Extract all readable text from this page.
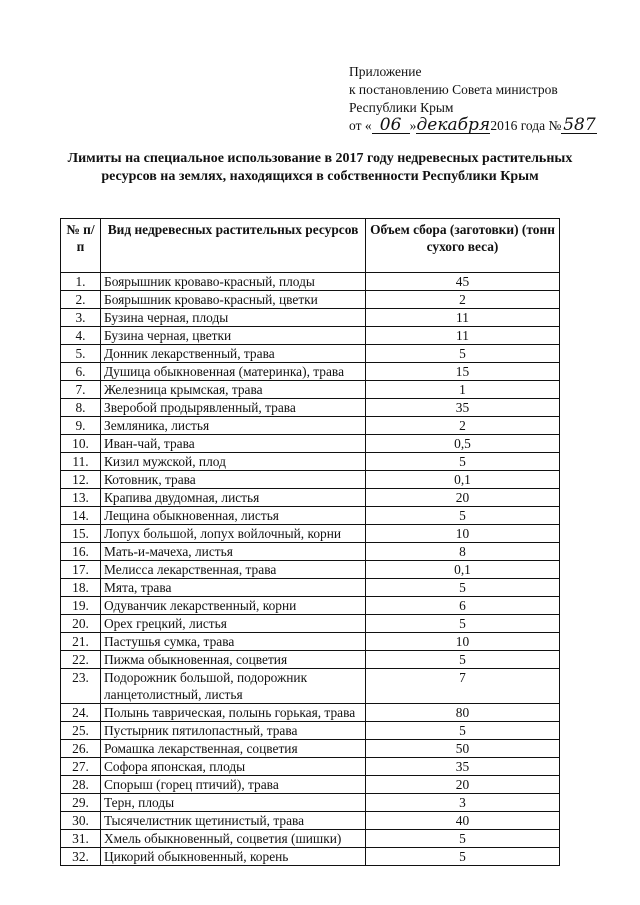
Приложение
к постановлению Совета министров
Республики Крым
от « 06 »декабря2016 года № 587
Лимиты на специальное использование в 2017 году недревесных растительных ресурсов на землях, находящихся в собственности Республики Крым
№ п/п	Вид недревесных растительных ресурсов	Объем сбора (заготовки) (тонн сухого веса)
1.	Боярышник кроваво-красный, плоды	45
2.	Боярышник кроваво-красный, цветки	2
3.	Бузина черная, плоды	11
4.	Бузина черная, цветки	11
5.	Донник лекарственный, трава	5
6.	Душица обыкновенная (материнка), трава	15
7.	Железница крымская, трава	1
8.	Зверобой продырявленный, трава	35
9.	Земляника, листья	2
10.	Иван-чай, трава	0,5
11.	Кизил мужской, плод	5
12.	Котовник, трава	0,1
13.	Крапива двудомная, листья	20
14.	Лещина обыкновенная, листья	5
15.	Лопух большой, лопух войлочный, корни	10
16.	Мать-и-мачеха, листья	8
17.	Мелисса лекарственная, трава	0,1
18.	Мята, трава	5
19.	Одуванчик лекарственный, корни	6
20.	Орех грецкий, листья	5
21.	Пастушья сумка, трава	10
22.	Пижма обыкновенная, соцветия	5
23.	Подорожник большой, подорожник ланцетолистный, листья	7
24.	Полынь таврическая, полынь горькая, трава	80
25.	Пустырник пятилопастный, трава	5
26.	Ромашка лекарственная, соцветия	50
27.	Софора японская, плоды	35
28.	Спорыш (горец птичий), трава	20
29.	Терн, плоды	3
30.	Тысячелистник щетинистый, трава	40
31.	Хмель обыкновенный, соцветия (шишки)	5
32.	Цикорий обыкновенный, корень	5
